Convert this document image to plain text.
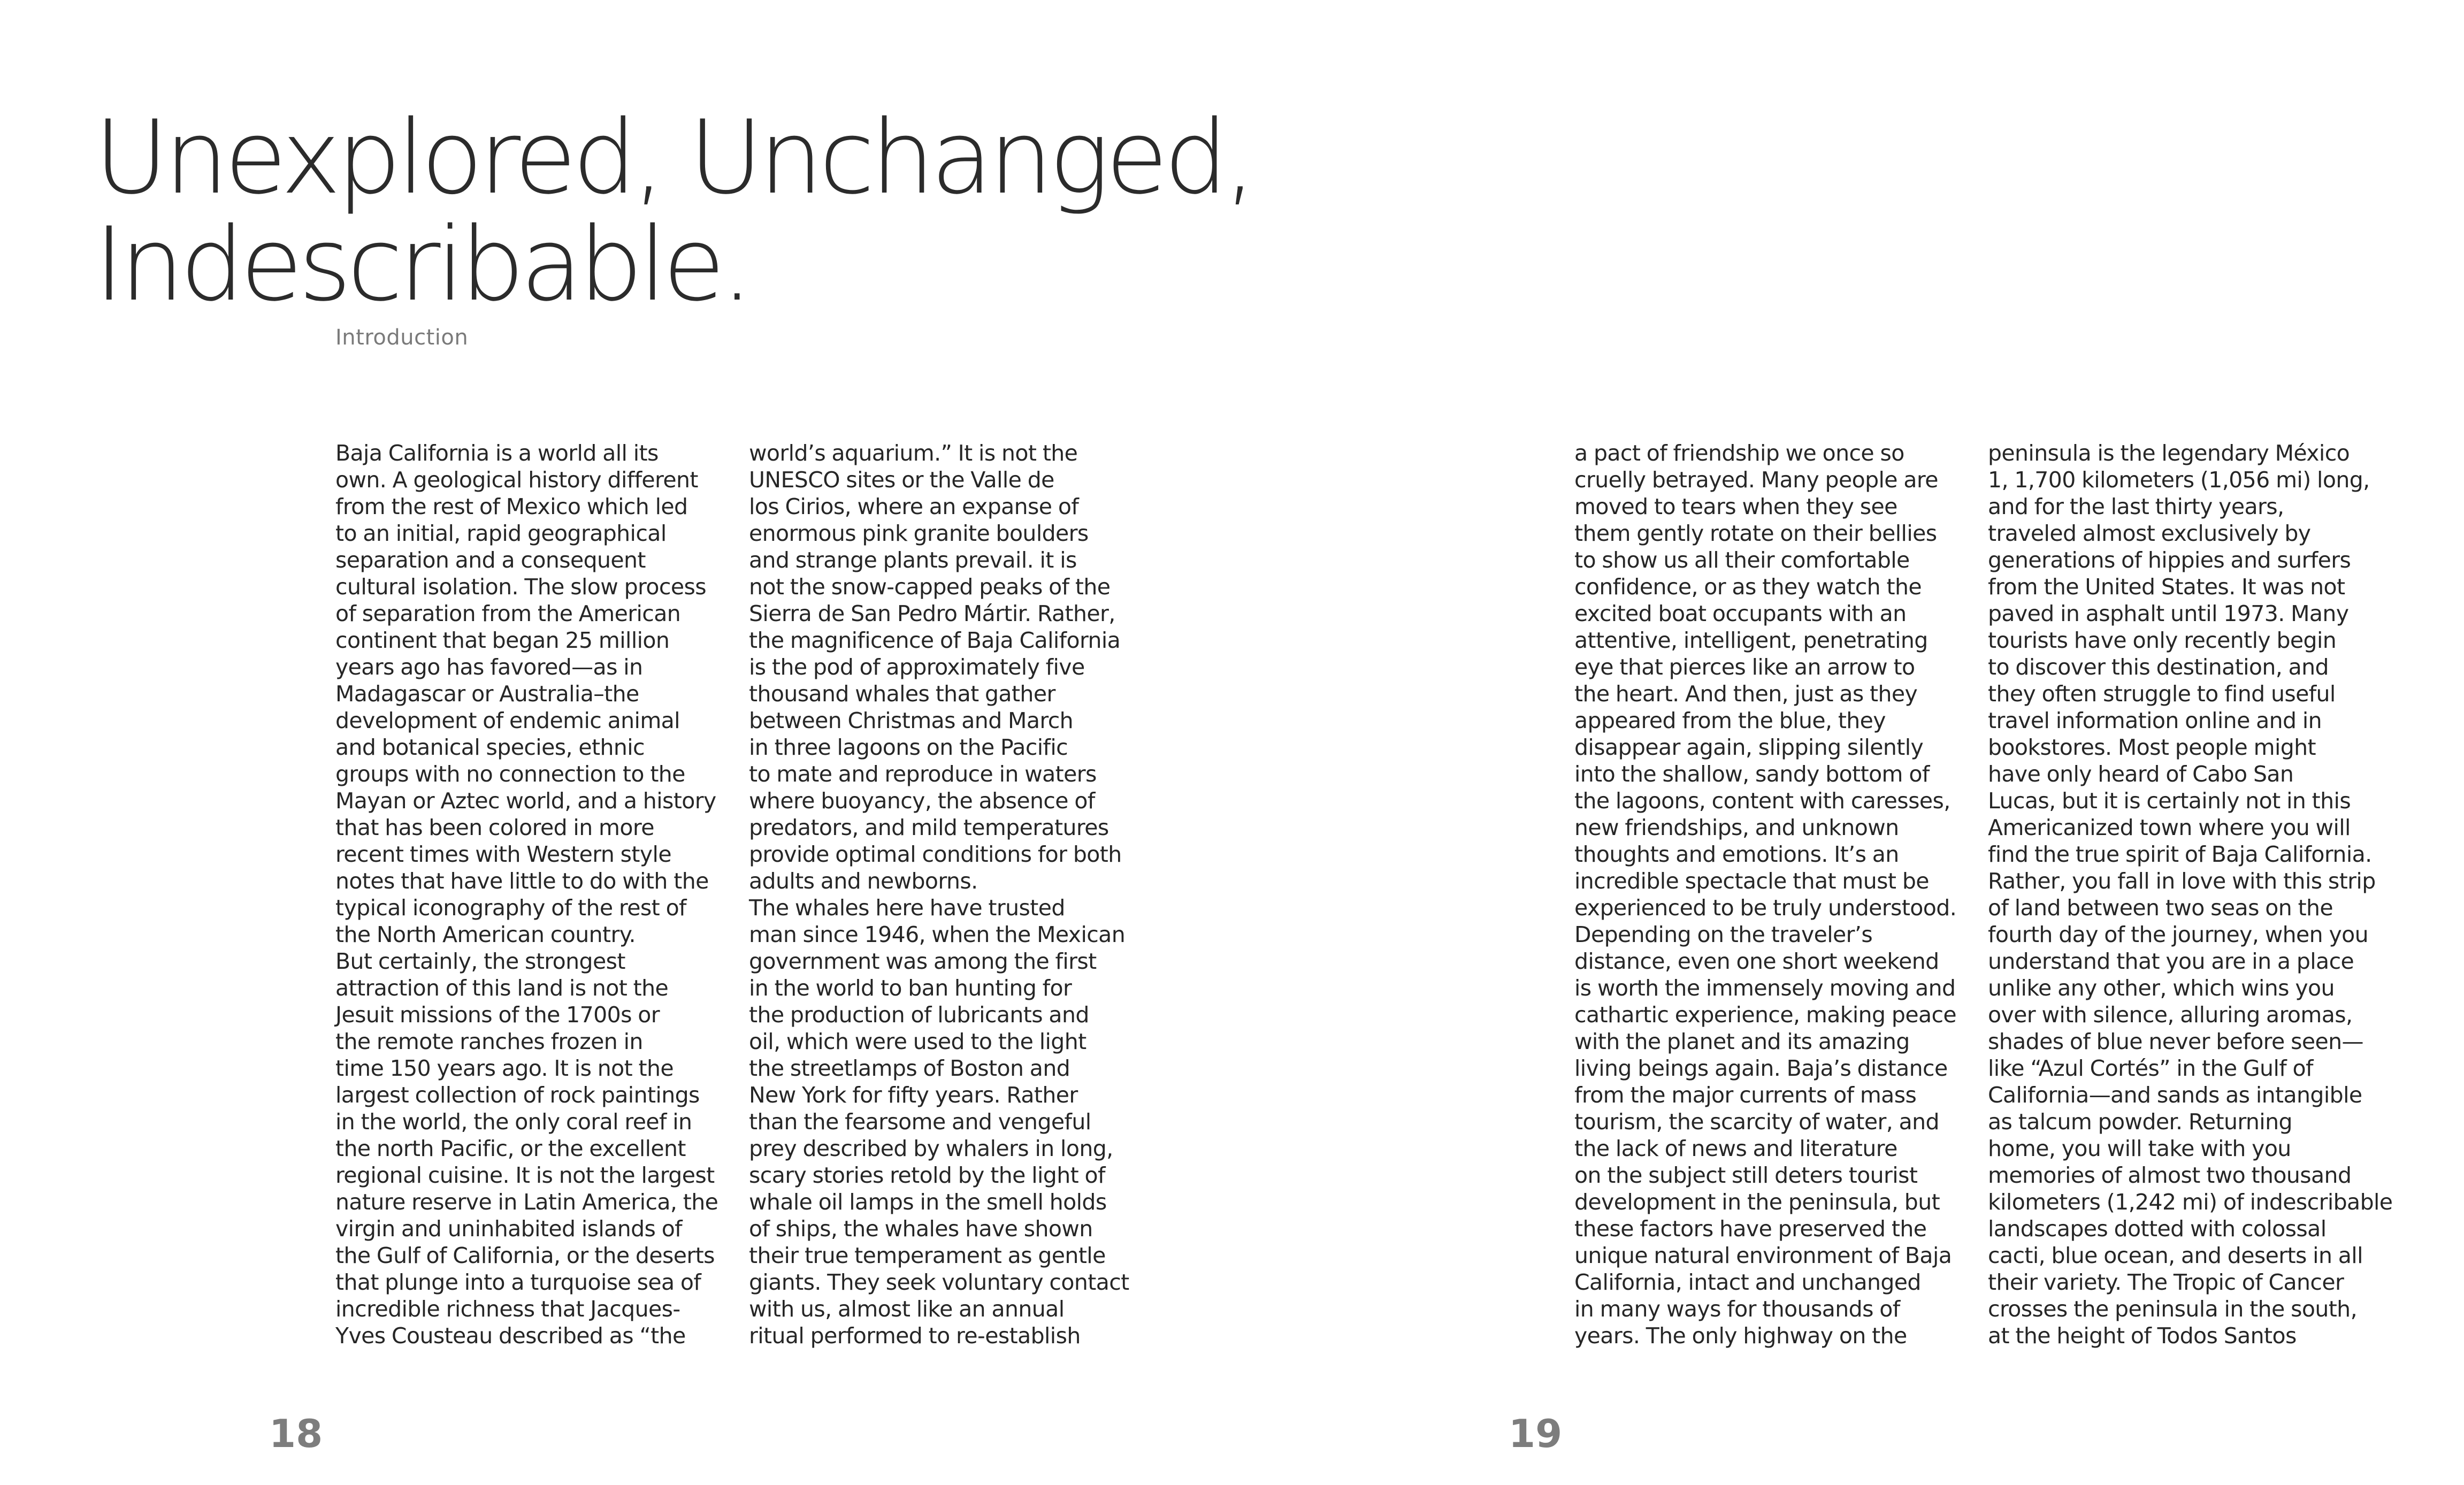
Unexplored, Unchanged,
Indescribable.

Introduction

Baja California is a world all its
own. A geological history different
from the rest of Mexico which led
to an initial, rapid geographical
separation and a consequent
cultural isolation. The slow process
of separation from the American
continent that began 25 million
years ago has favored—as in
Madagascar or Australia–the
development of endemic animal
and botanical species, ethnic
groups with no connection to the
Mayan or Aztec world, and a history
that has been colored in more
recent times with Western style
notes that have little to do with the
typical iconography of the rest of
the North American country.
But certainly, the strongest
attraction of this land is not the
Jesuit missions of the 1700s or
the remote ranches frozen in
time 150 years ago. It is not the
largest collection of rock paintings
in the world, the only coral reef in
the north Pacific, or the excellent
regional cuisine. It is not the largest
nature reserve in Latin America, the
virgin and uninhabited islands of
the Gulf of California, or the deserts
that plunge into a turquoise sea of
incredible richness that Jacques-
Yves Cousteau described as “the
world’s aquarium.” It is not the
UNESCO sites or the Valle de
los Cirios, where an expanse of
enormous pink granite boulders
and strange plants prevail. it is
not the snow-capped peaks of the
Sierra de San Pedro Mártir. Rather,
the magnificence of Baja California
is the pod of approximately five
thousand whales that gather
between Christmas and March
in three lagoons on the Pacific
to mate and reproduce in waters
where buoyancy, the absence of
predators, and mild temperatures
provide optimal conditions for both
adults and newborns.
The whales here have trusted
man since 1946, when the Mexican
government was among the first
in the world to ban hunting for
the production of lubricants and
oil, which were used to the light
the streetlamps of Boston and
New York for fifty years. Rather
than the fearsome and vengeful
prey described by whalers in long,
scary stories retold by the light of
whale oil lamps in the smell holds
of ships, the whales have shown
their true temperament as gentle
giants. They seek voluntary contact
with us, almost like an annual
ritual performed to re-establish
a pact of friendship we once so
cruelly betrayed. Many people are
moved to tears when they see
them gently rotate on their bellies
to show us all their comfortable
confidence, or as they watch the
excited boat occupants with an
attentive, intelligent, penetrating
eye that pierces like an arrow to
the heart. And then, just as they
appeared from the blue, they
disappear again, slipping silently
into the shallow, sandy bottom of
the lagoons, content with caresses,
new friendships, and unknown
thoughts and emotions. It’s an
incredible spectacle that must be
experienced to be truly understood.
Depending on the traveler’s
distance, even one short weekend
is worth the immensely moving and
cathartic experience, making peace
with the planet and its amazing
living beings again. Baja’s distance
from the major currents of mass
tourism, the scarcity of water, and
the lack of news and literature
on the subject still deters tourist
development in the peninsula, but
these factors have preserved the
unique natural environment of Baja
California, intact and unchanged
in many ways for thousands of
years. The only highway on the
peninsula is the legendary México
1, 1,700 kilometers (1,056 mi) long,
and for the last thirty years,
traveled almost exclusively by
generations of hippies and surfers
from the United States. It was not
paved in asphalt until 1973. Many
tourists have only recently begin
to discover this destination, and
they often struggle to find useful
travel information online and in
bookstores. Most people might
have only heard of Cabo San
Lucas, but it is certainly not in this
Americanized town where you will
find the true spirit of Baja California.
Rather, you fall in love with this strip
of land between two seas on the
fourth day of the journey, when you
understand that you are in a place
unlike any other, which wins you
over with silence, alluring aromas,
shades of blue never before seen—
like “Azul Cortés” in the Gulf of
California—and sands as intangible
as talcum powder. Returning
home, you will take with you
memories of almost two thousand
kilometers (1,242 mi) of indescribable
landscapes dotted with colossal
cacti, blue ocean, and deserts in all
their variety. The Tropic of Cancer
crosses the peninsula in the south,
at the height of Todos Santos

18	19
